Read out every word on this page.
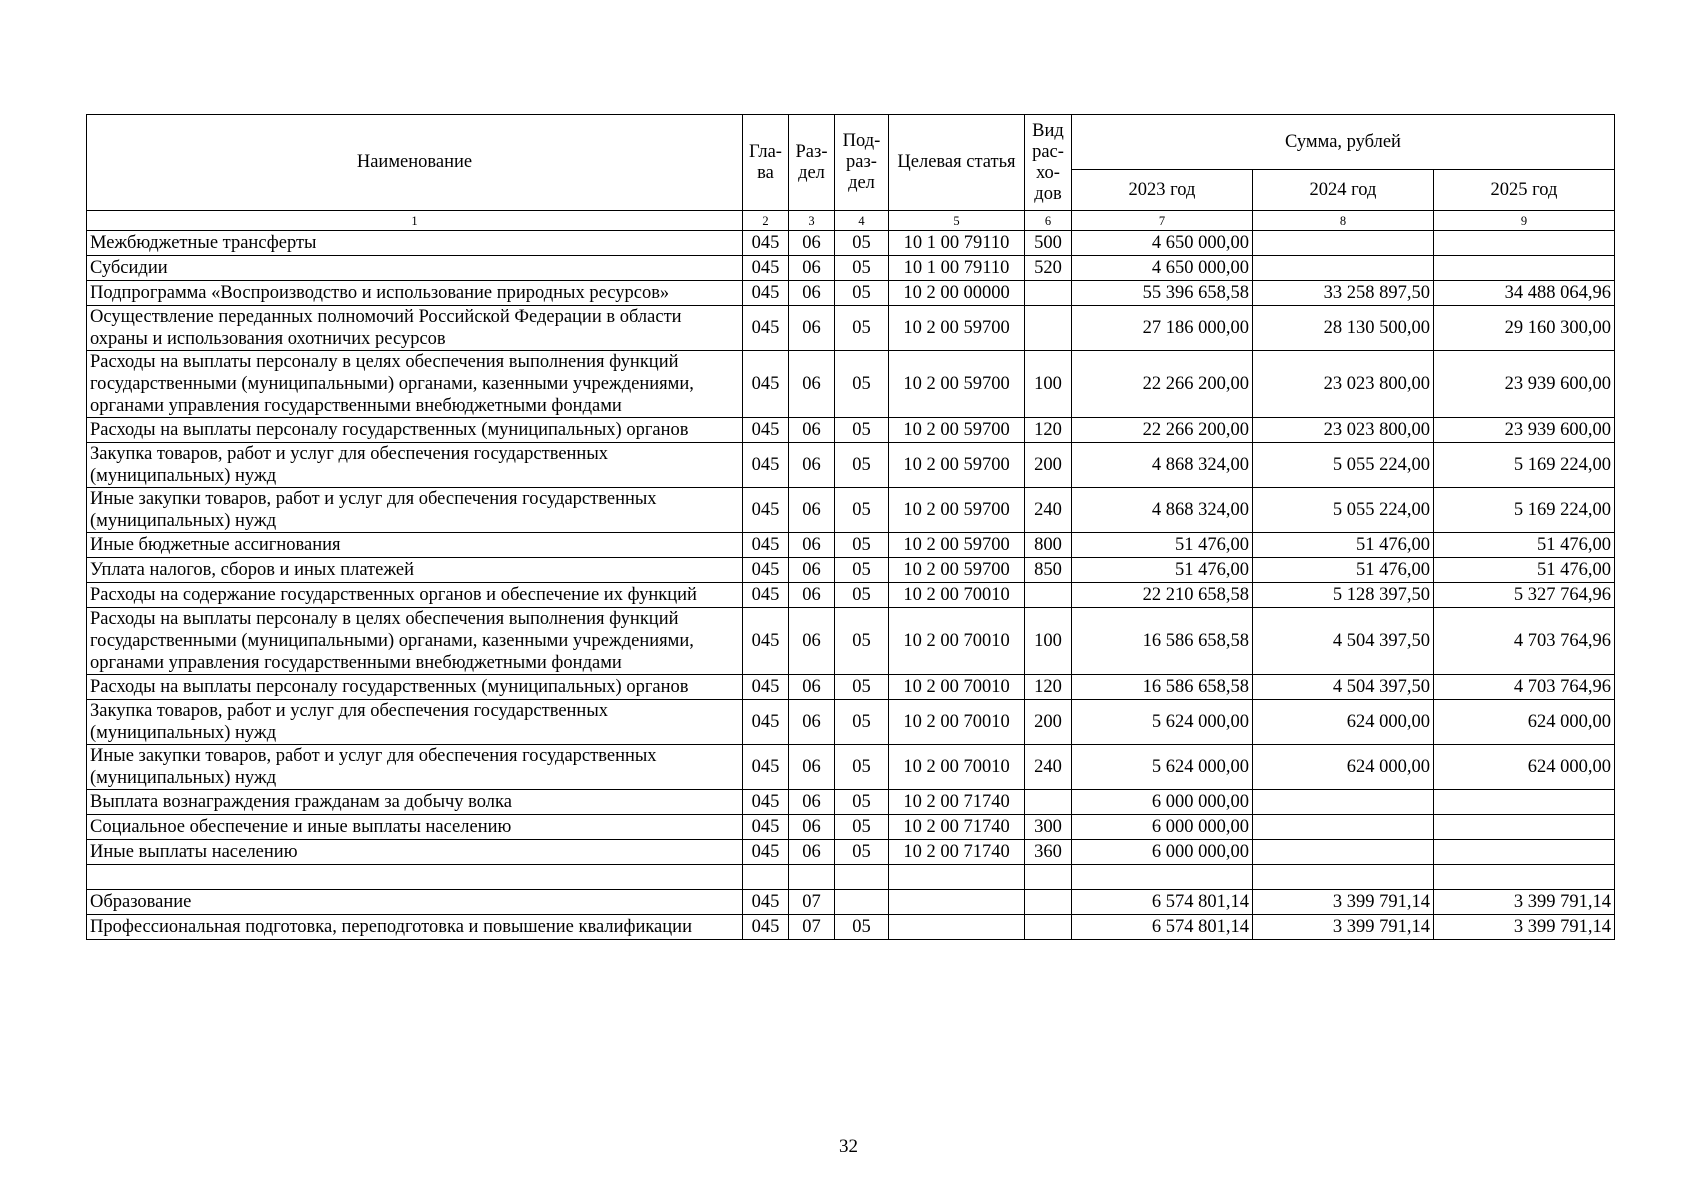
Наименование	Гла-ва	Раз-дел	Под-раз-дел	Целевая статья	Вид рас-хо-дов	Сумма, рублей		
						2023 год	2024 год	2025 год
1	2	3	4	5	6	7	8	9
Межбюджетные трансферты	045	06	05	10 1 00 79110	500	4 650 000,00		
Субсидии	045	06	05	10 1 00 79110	520	4 650 000,00		
Подпрограмма «Воспроизводство и использование природных ресурсов»	045	06	05	10 2 00 00000		55 396 658,58	33 258 897,50	34 488 064,96
Осуществление переданных полномочий Российской Федерации в области охраны и использования охотничих ресурсов	045	06	05	10 2 00 59700		27 186 000,00	28 130 500,00	29 160 300,00
Расходы на выплаты персоналу в целях обеспечения выполнения функций государственными (муниципальными) органами, казенными учреждениями, органами управления государственными внебюджетными фондами	045	06	05	10 2 00 59700	100	22 266 200,00	23 023 800,00	23 939 600,00
Расходы на выплаты персоналу государственных (муниципальных) органов	045	06	05	10 2 00 59700	120	22 266 200,00	23 023 800,00	23 939 600,00
Закупка товаров, работ и услуг для обеспечения государственных (муниципальных) нужд	045	06	05	10 2 00 59700	200	4 868 324,00	5 055 224,00	5 169 224,00
Иные закупки товаров, работ и услуг для обеспечения государственных (муниципальных) нужд	045	06	05	10 2 00 59700	240	4 868 324,00	5 055 224,00	5 169 224,00
Иные бюджетные ассигнования	045	06	05	10 2 00 59700	800	51 476,00	51 476,00	51 476,00
Уплата налогов, сборов и иных платежей	045	06	05	10 2 00 59700	850	51 476,00	51 476,00	51 476,00
Расходы на содержание государственных органов и обеспечение их функций	045	06	05	10 2 00 70010		22 210 658,58	5 128 397,50	5 327 764,96
Расходы на выплаты персоналу в целях обеспечения выполнения функций государственными (муниципальными) органами, казенными учреждениями, органами управления государственными внебюджетными фондами	045	06	05	10 2 00 70010	100	16 586 658,58	4 504 397,50	4 703 764,96
Расходы на выплаты персоналу государственных (муниципальных) органов	045	06	05	10 2 00 70010	120	16 586 658,58	4 504 397,50	4 703 764,96
Закупка товаров, работ и услуг для обеспечения государственных (муниципальных) нужд	045	06	05	10 2 00 70010	200	5 624 000,00	624 000,00	624 000,00
Иные закупки товаров, работ и услуг для обеспечения государственных (муниципальных) нужд	045	06	05	10 2 00 70010	240	5 624 000,00	624 000,00	624 000,00
Выплата вознаграждения гражданам за добычу волка	045	06	05	10 2 00 71740		6 000 000,00		
Социальное обеспечение и иные выплаты населению	045	06	05	10 2 00 71740	300	6 000 000,00		
Иные выплаты населению	045	06	05	10 2 00 71740	360	6 000 000,00		

Образование	045	07				6 574 801,14	3 399 791,14	3 399 791,14
Профессиональная подготовка, переподготовка и повышение квалификации	045	07	05			6 574 801,14	3 399 791,14	3 399 791,14
32
